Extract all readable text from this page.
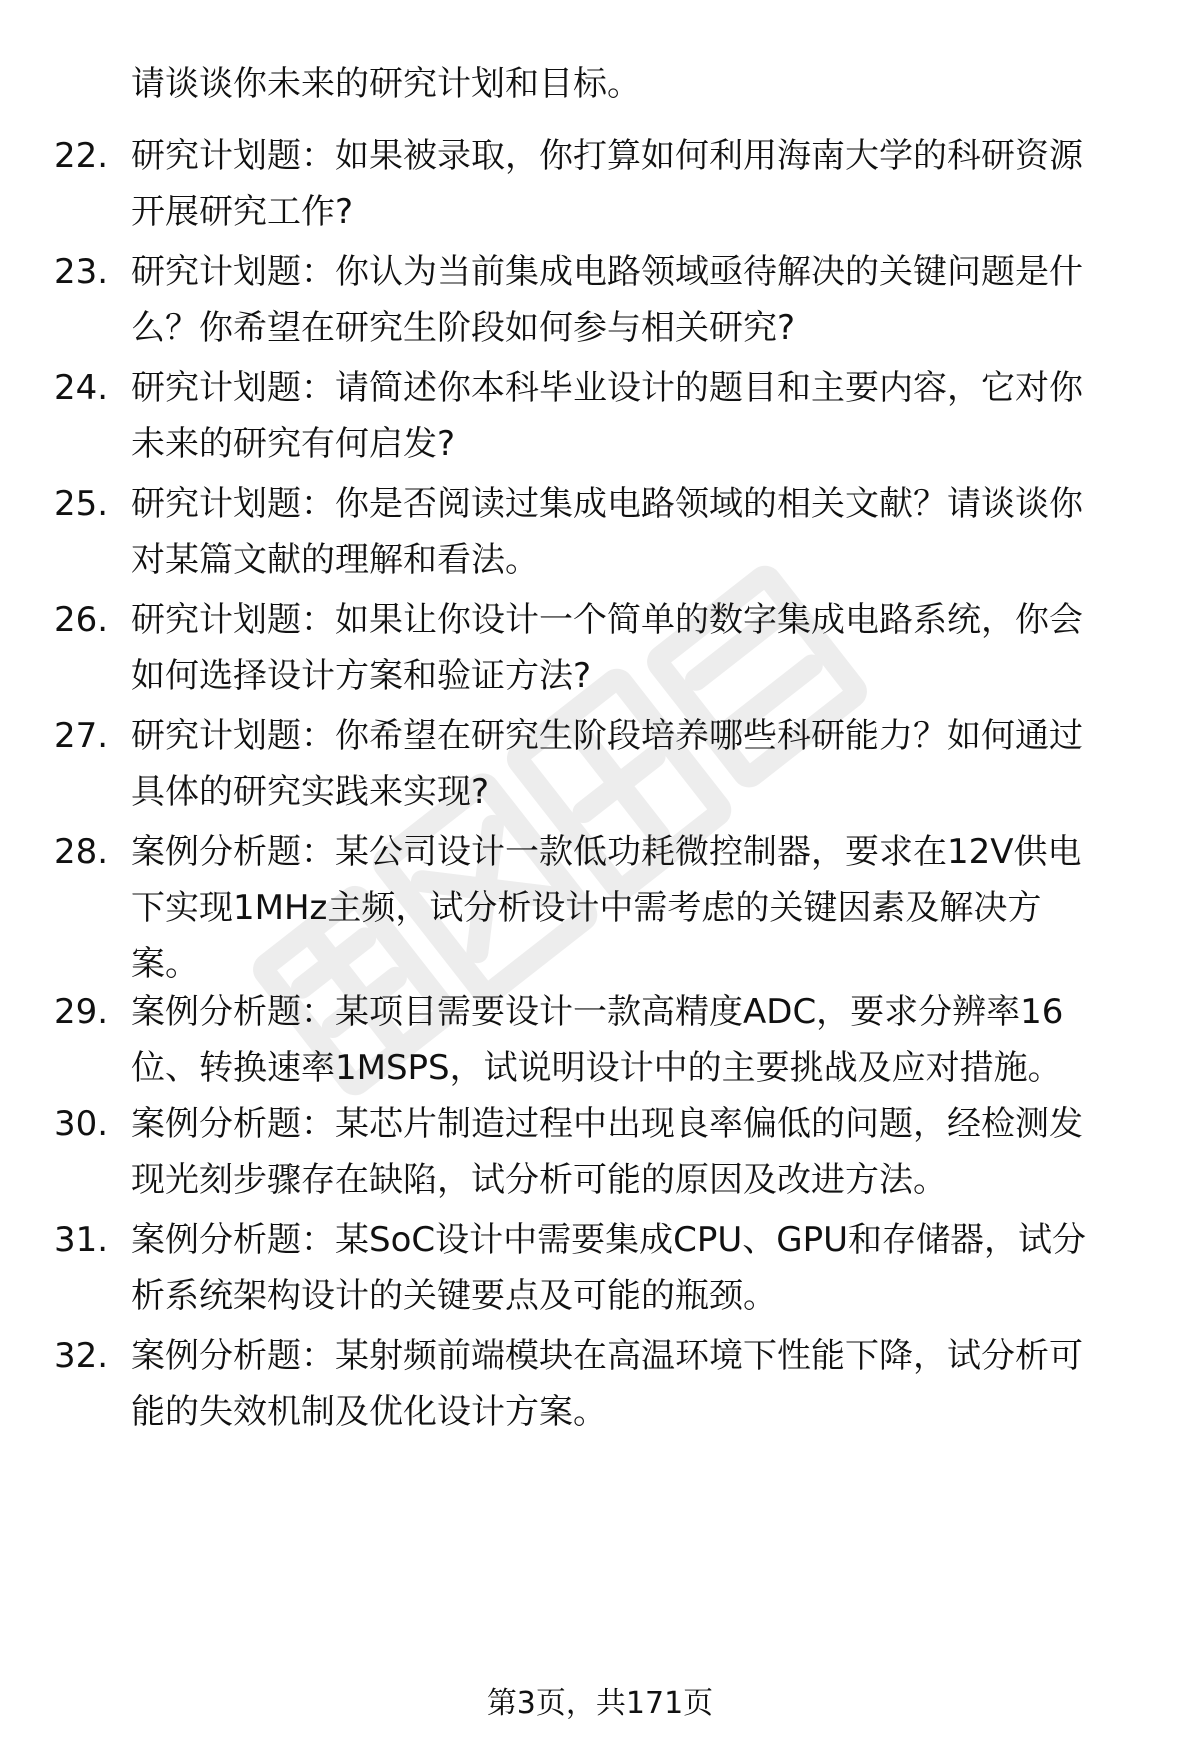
请谈谈你未来的研究计划和目标。
22. 研究计划题：如果被录取，你打算如何利用海南大学的科研资源
开展研究工作?
23. 研究计划题：你认为当前集成电路领域亟待解决的关键问题是什
么？你希望在研究生阶段如何参与相关研究?
24. 研究计划题：请简述你本科毕业设计的题目和主要内容，它对你
未来的研究有何启发?
25. 研究计划题：你是否阅读过集成电路领域的相关文献？请谈谈你
对某篇文献的理解和看法。
26. 研究计划题：如果让你设计一个简单的数字集成电路系统，你会
如何选择设计方案和验证方法?
27. 研究计划题：你希望在研究生阶段培养哪些科研能力？如何通过
具体的研究实践来实现?
28. 案例分析题：某公司设计一款低功耗微控制器，要求在12V供电
下实现1MHz主频，试分析设计中需考虑的关键因素及解决方
案。
29. 案例分析题：某项目需要设计一款高精度ADC，要求分辨率16
位、转换速率1MSPS，试说明设计中的主要挑战及应对措施。
30. 案例分析题：某芯片制造过程中出现良率偏低的问题，经检测发
现光刻步骤存在缺陷，试分析可能的原因及改进方法。
31. 案例分析题：某SoC设计中需要集成CPU、GPU和存储器，试分
析系统架构设计的关键要点及可能的瓶颈。
32. 案例分析题：某射频前端模块在高温环境下性能下降，试分析可
能的失效机制及优化设计方案。
第3页，共171页
